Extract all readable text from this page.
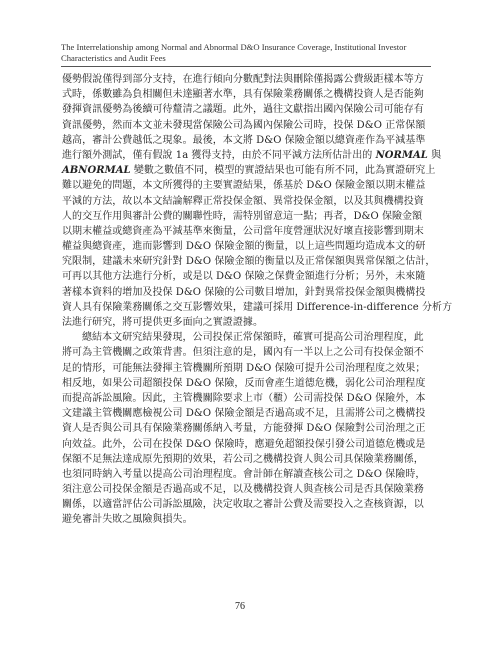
The Interrelationship among Normal and Abnormal D&O Insurance Coverage, Institutional Investor
Characteristics and Audit Fees
優勢假說僅得到部分支持，在進行傾向分數配對法與刪除僅揭露公費級距樣本等方
式時，係數雖為負相關但未達顯著水準，具有保險業務關係之機構投資人是否能夠
發揮資訊優勢為後續可待釐清之議題。此外，過往文獻指出國內保險公司可能存有
資訊優勢，然而本文並未發現當保險公司為國內保險公司時，投保 D&O 正常保額
越高，審計公費越低之現象。最後，本文將 D&O 保險金額以總資產作為平減基準
進行額外測試，僅有假說 1a 獲得支持，由於不同平減方法所估計出的 NORMAL 與
ABNORMAL 變數之數值不同，模型的實證結果也可能有所不同，此為實證研究上
難以避免的問題，本文所獲得的主要實證結果，係基於 D&O 保險金額以期末權益
平減的方法，故以本文結論解釋正常投保金額、異常投保金額，以及其與機構投資
人的交互作用與審計公費的關聯性時，需特別留意這一點；再者，D&O 保險金額
以期末權益或總資產為平減基準來衡量，公司當年度營運狀況好壞直接影響到期末
權益與總資產，進而影響到 D&O 保險金額的衡量，以上這些問題均造成本文的研
究限制，建議未來研究針對 D&O 保險金額的衡量以及正常保額與異常保額之估計，
可再以其他方法進行分析，或是以 D&O 保險之保費金額進行分析；另外，未來隨
著樣本資料的增加及投保 D&O 保險的公司數目增加，針對異常投保金額與機構投
資人具有保險業務關係之交互影響效果，建議可採用 Difference-in-difference 分析方
法進行研究，將可提供更多面向之實證證據。
總結本文研究結果發現，公司投保正常保額時，確實可提高公司治理程度，此
將可為主管機關之政策背書。但須注意的是，國內有一半以上之公司有投保金額不
足的情形，可能無法發揮主管機關所預期 D&O 保險可提升公司治理程度之效果；
相反地，如果公司超額投保 D&O 保險，反而會產生道德危機，弱化公司治理程度
而提高訴訟風險。因此，主管機關除要求上市（櫃）公司需投保 D&O 保險外，本
文建議主管機關應檢視公司 D&O 保險金額是否過高或不足，且需將公司之機構投
資人是否與公司具有保險業務關係納入考量，方能發揮 D&O 保險對公司治理之正
向效益。此外，公司在投保 D&O 保險時，應避免超額投保引發公司道德危機或是
保額不足無法達成原先預期的效果，若公司之機構投資人與公司具保險業務關係，
也須同時納入考量以提高公司治理程度。會計師在解讀查核公司之 D&O 保險時，
須注意公司投保金額是否過高或不足，以及機構投資人與查核公司是否具保險業務
關係，以適當評估公司訴訟風險，決定收取之審計公費及需要投入之查核資源，以
避免審計失敗之風險與損失。
76
